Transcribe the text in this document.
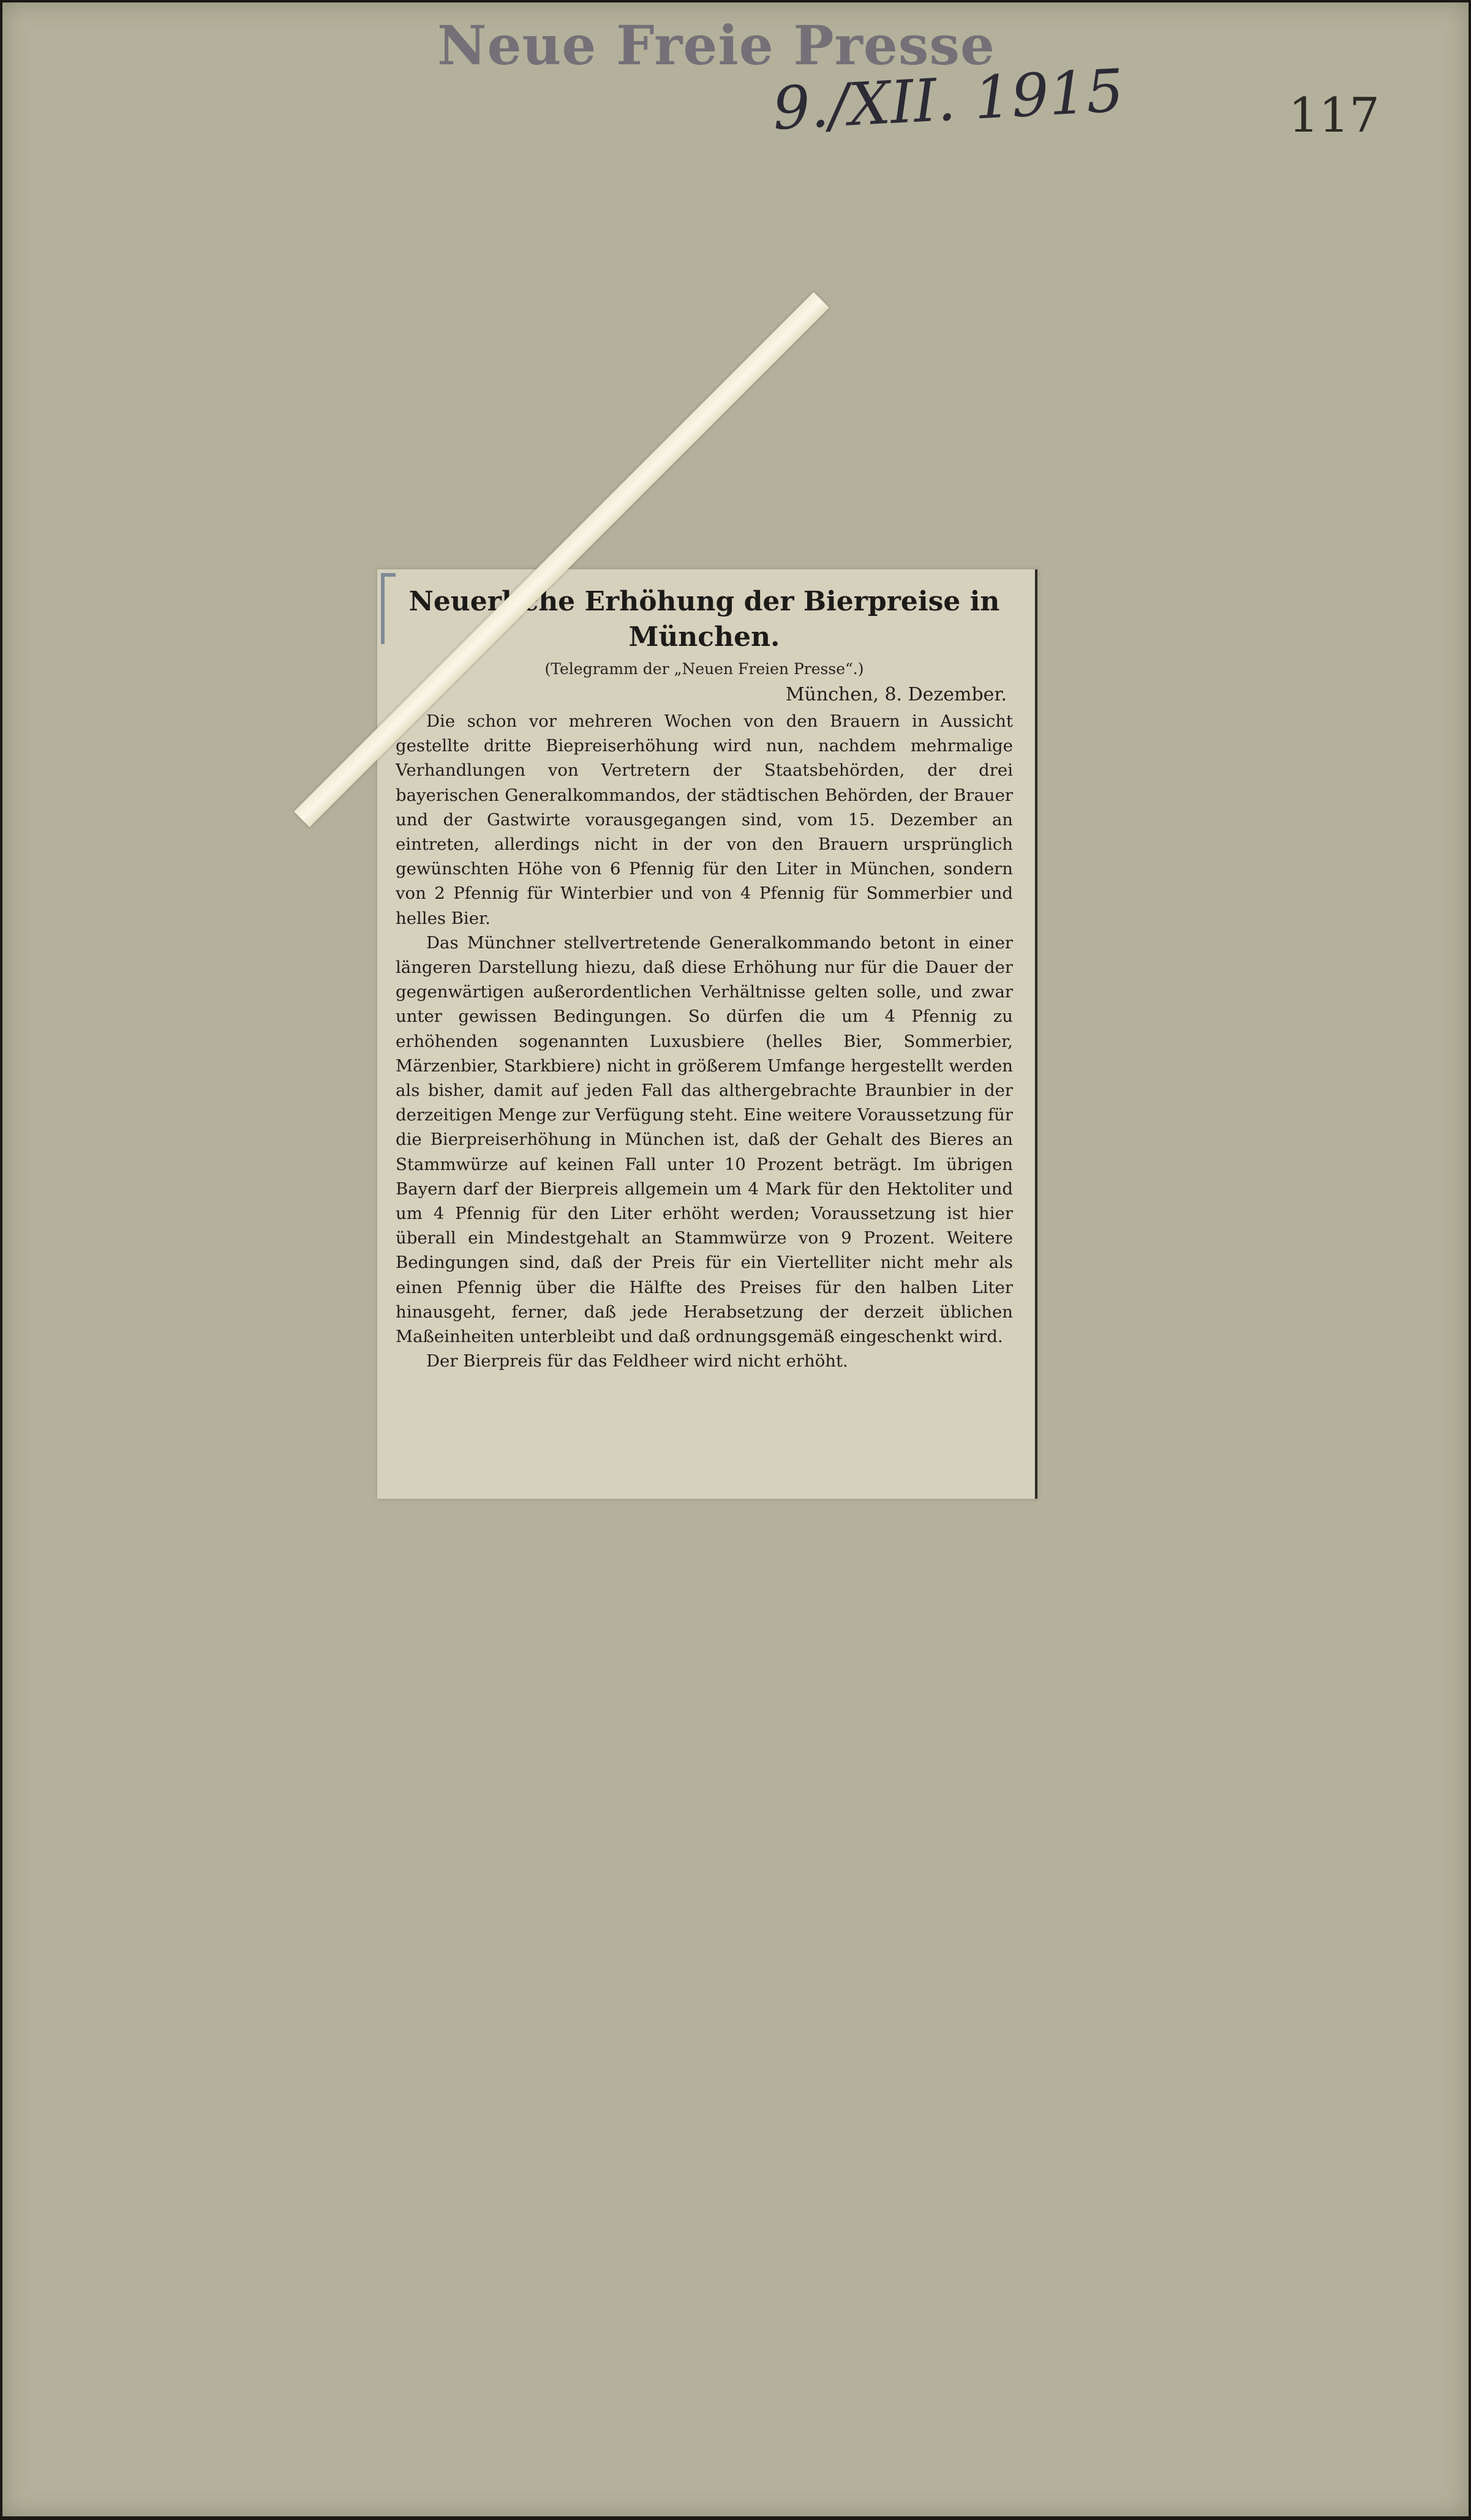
Neue Freie Presse
9./XII. 1915	117
Neuerliche Erhöhung der Bierpreise in München.
(Telegramm der „Neuen Freien Presse“.)
München, 8. Dezember.

Die schon vor mehreren Wochen von den Brauern in Aussicht gestellte dritte Biepreiserhöhung wird nun, nachdem mehrmalige Verhandlungen von Vertretern der Staatsbehörden, der drei bayerischen Generalkommandos, der städtischen Behörden, der Brauer und der Gastwirte vorausgegangen sind, vom 15. Dezember an eintreten, allerdings nicht in der von den Brauern ursprünglich gewünschten Höhe von 6 Pfennig für den Liter in München, sondern von 2 Pfennig für Winterbier und von 4 Pfennig für Sommerbier und helles Bier.

Das Münchner stellvertretende Generalkommando betont in einer längeren Darstellung hiezu, daß diese Erhöhung nur für die Dauer der gegenwärtigen außerordentlichen Verhältnisse gelten solle, und zwar unter gewissen Bedingungen. So dürfen die um 4 Pfennig zu erhöhenden sogenannten Luxusbiere (helles Bier, Sommerbier, Märzenbier, Starkbiere) nicht in größerem Umfange hergestellt werden als bisher, damit auf jeden Fall das althergebrachte Braunbier in der derzeitigen Menge zur Verfügung steht. Eine weitere Voraussetzung für die Bierpreiserhöhung in München ist, daß der Gehalt des Bieres an Stammwürze auf keinen Fall unter 10 Prozent beträgt. Im übrigen Bayern darf der Bierpreis allgemein um 4 Mark für den Hektoliter und um 4 Pfennig für den Liter erhöht werden; Voraussetzung ist hier überall ein Mindestgehalt an Stammwürze von 9 Prozent. Weitere Bedingungen sind, daß der Preis für ein Viertelliter nicht mehr als einen Pfennig über die Hälfte des Preises für den halben Liter hinausgeht, ferner, daß jede Herabsetzung der derzeit üblichen Maßeinheiten unterbleibt und daß ordnungsgemäß eingeschenkt wird.

Der Bierpreis für das Feldheer wird nicht erhöht.
